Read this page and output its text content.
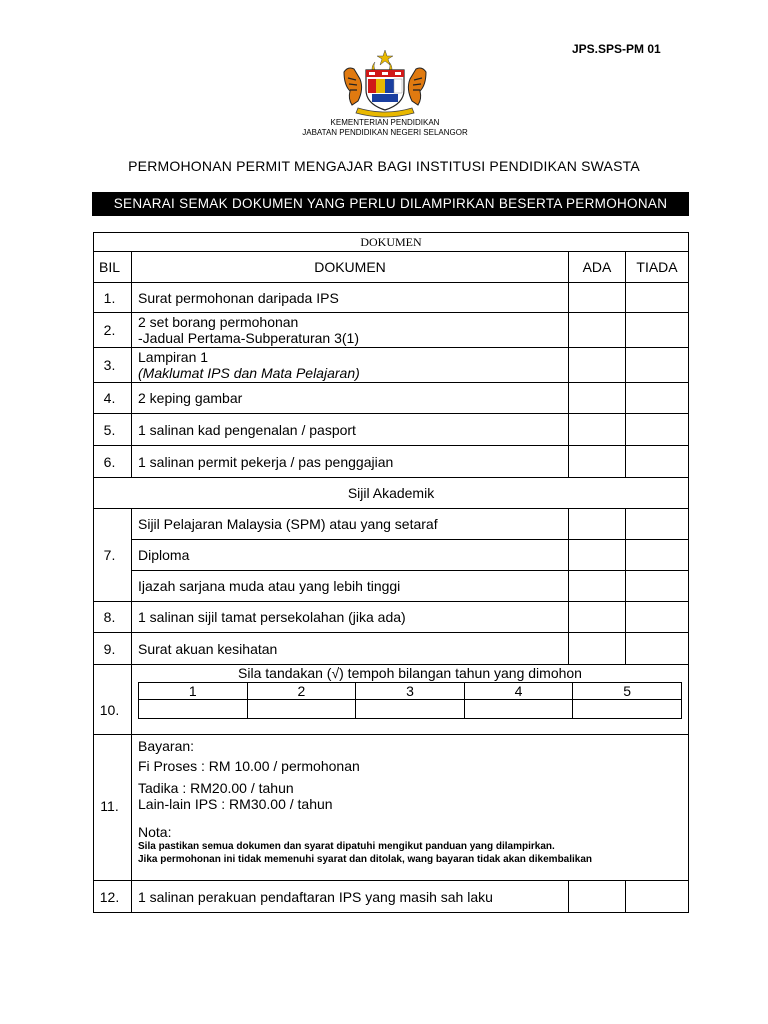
JPS.SPS-PM 01
KEMENTERIAN PENDIDIKAN
JABATAN PENDIDIKAN NEGERI SELANGOR
PERMOHONAN PERMIT MENGAJAR BAGI INSTITUSI PENDIDIKAN SWASTA
SENARAI SEMAK DOKUMEN YANG PERLU DILAMPIRKAN BESERTA PERMOHONAN
DOKUMEN
BIL	DOKUMEN	ADA	TIADA
1.	Surat permohonan daripada IPS		
2.	2 set borang permohonan
-Jadual Pertama-Subperaturan 3(1)

3.	Lampiran 1
(Maklumat IPS dan Mata Pelajaran)

4.	2 keping gambar		
5.	1 salinan kad pengenalan / pasport		
6.	1 salinan permit pekerja / pas penggajian		
Sijil Akademik
7.	Sijil Pelajaran Malaysia (SPM) atau yang setaraf		
Diploma		
Ijazah sarjana muda atau yang lebih tinggi		
8.	1 salinan sijil tamat persekolahan (jika ada)		
9.	Surat akuan kesihatan		
10.	
Sila tandakan (√) tempoh bilangan tahun yang dimohon
1	2	3	4	5

11.	
Bayaran:
Fi Proses : RM 10.00 / permohonan
Tadika : RM20.00 / tahun
Lain-lain IPS : RM30.00 / tahun
Nota:
Sila pastikan semua dokumen dan syarat dipatuhi mengikut panduan yang dilampirkan.
Jika permohonan ini tidak memenuhi syarat dan ditolak, wang bayaran tidak akan dikembalikan

12.	1 salinan perakuan pendaftaran IPS yang masih sah laku		
